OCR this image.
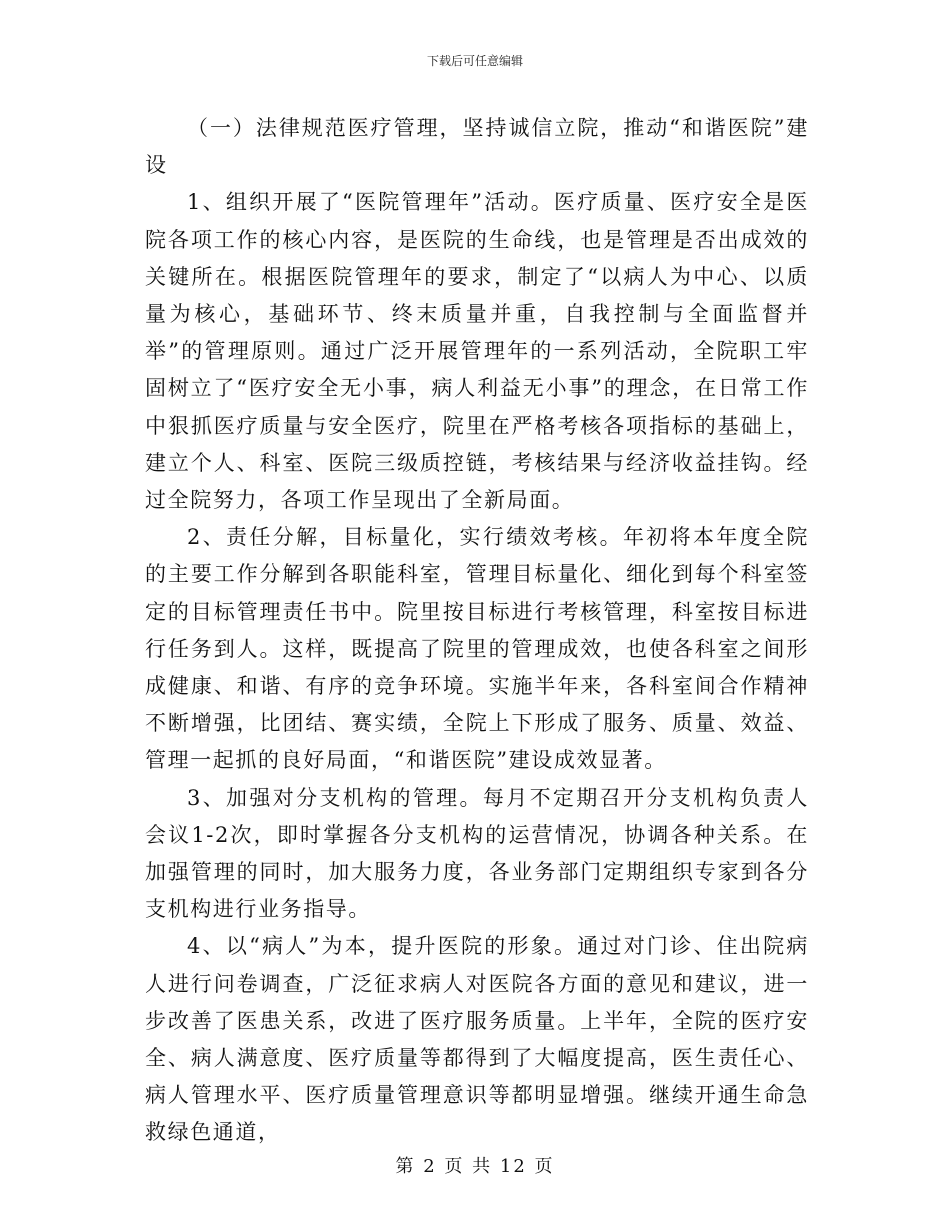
下载后可任意编辑

（一）法律规范医疗管理，坚持诚信立院，推动“和谐医院”建设

1、组织开展了“医院管理年”活动。医疗质量、医疗安全是医院各项工作的核心内容，是医院的生命线，也是管理是否出成效的关键所在。根据医院管理年的要求，制定了“以病人为中心、以质量为核心，基础环节、终末质量并重，自我控制与全面监督并举”的管理原则。通过广泛开展管理年的一系列活动，全院职工牢固树立了“医疗安全无小事，病人利益无小事”的理念，在日常工作中狠抓医疗质量与安全医疗，院里在严格考核各项指标的基础上，建立个人、科室、医院三级质控链，考核结果与经济收益挂钩。经过全院努力，各项工作呈现出了全新局面。

2、责任分解，目标量化，实行绩效考核。年初将本年度全院的主要工作分解到各职能科室，管理目标量化、细化到每个科室签定的目标管理责任书中。院里按目标进行考核管理，科室按目标进行任务到人。这样，既提高了院里的管理成效，也使各科室之间形成健康、和谐、有序的竞争环境。实施半年来，各科室间合作精神不断增强，比团结、赛实绩，全院上下形成了服务、质量、效益、管理一起抓的良好局面，“和谐医院”建设成效显著。

3、加强对分支机构的管理。每月不定期召开分支机构负责人会议1-2次，即时掌握各分支机构的运营情况，协调各种关系。在加强管理的同时，加大服务力度，各业务部门定期组织专家到各分支机构进行业务指导。

4、以“病人”为本，提升医院的形象。通过对门诊、住出院病人进行问卷调查，广泛征求病人对医院各方面的意见和建议，进一步改善了医患关系，改进了医疗服务质量。上半年，全院的医疗安全、病人满意度、医疗质量等都得到了大幅度提高，医生责任心、病人管理水平、医疗质量管理意识等都明显增强。继续开通生命急救绿色通道，

第 2 页 共 12 页
